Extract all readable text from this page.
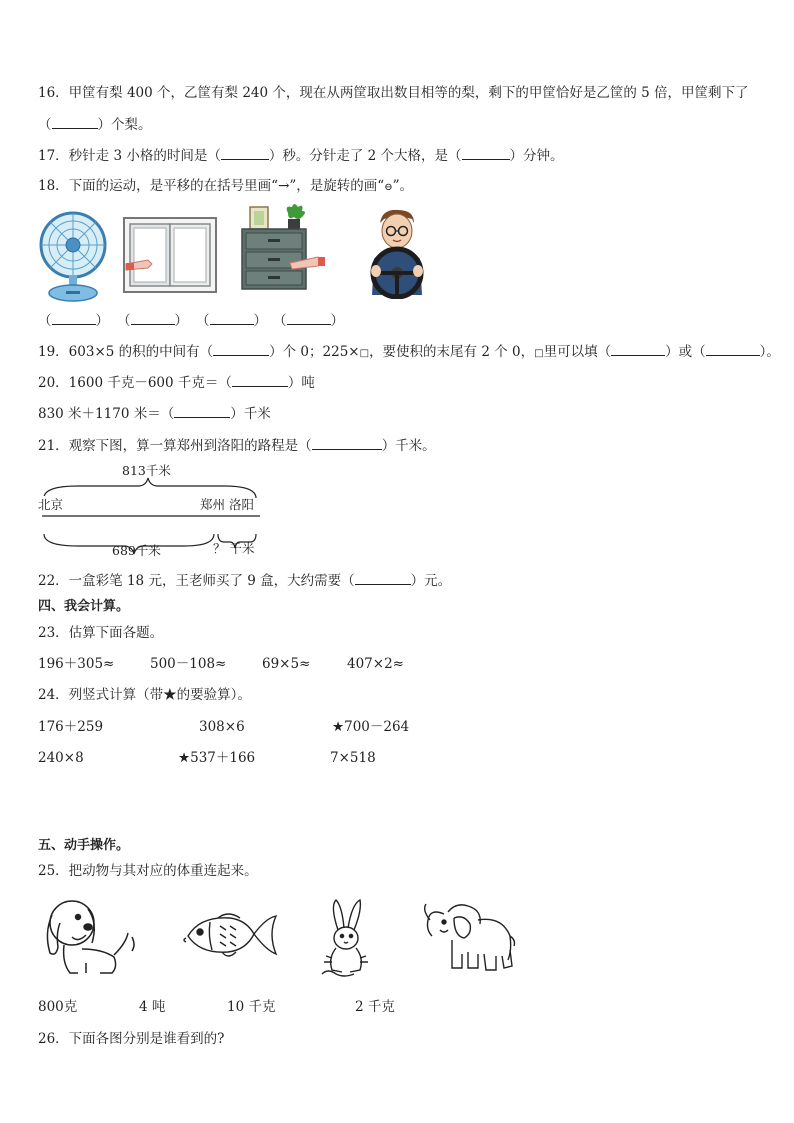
16．甲筐有梨 400 个，乙筐有梨 240 个，现在从两筐取出数目相等的梨，剩下的甲筐恰好是乙筐的 5 倍，甲筐剩下了
（	）个梨。
17．秒针走 3 小格的时间是（	）秒。分针走了 2 个大格，是（	）分钟。
18．下面的运动，是平移的在括号里画“→”，是旋转的画“⊖”。
（	） （	） （	） （	）
19．603×5 的积的中间有（	）个 0；225×□，要使积的末尾有 2 个 0，□里可以填（	）或（	）。
20．1600 千克－600 千克＝（	）吨
830 米＋1170 米＝（	）千米
21．观察下图，算一算郑州到洛阳的路程是（	）千米。
813千米
北京	郑州 洛阳
689千米	？ 千米
22．一盒彩笔 18 元，王老师买了 9 盒，大约需要（	）元。
四、我会计算。
23．估算下面各题。
196＋305≈	500－108≈	69×5≈	407×2≈
24．列竖式计算（带★的要验算）。
176＋259	308×6	★700－264
240×8	★537＋166	7×518
五、动手操作。
25．把动物与其对应的体重连起来。
800克	4 吨	10 千克	2 千克
26．下面各图分别是谁看到的?
